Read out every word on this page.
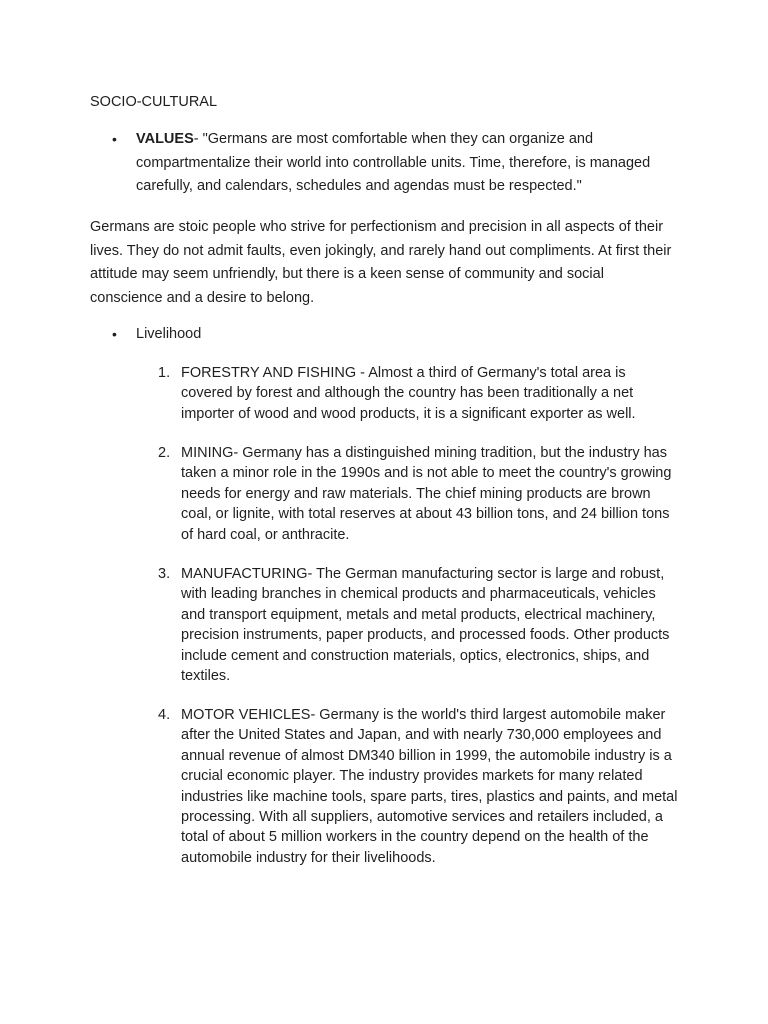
SOCIO-CULTURAL
• VALUES- "Germans are most comfortable when they can organize and compartmentalize their world into controllable units. Time, therefore, is managed carefully, and calendars, schedules and agendas must be respected."

Germans are stoic people who strive for perfectionism and precision in all aspects of their lives. They do not admit faults, even jokingly, and rarely hand out compliments. At first their attitude may seem unfriendly, but there is a keen sense of community and social conscience and a desire to belong.

• Livelihood

1. FORESTRY AND FISHING - Almost a third of Germany's total area is covered by forest and although the country has been traditionally a net importer of wood and wood products, it is a significant exporter as well.

2. MINING- Germany has a distinguished mining tradition, but the industry has taken a minor role in the 1990s and is not able to meet the country's growing needs for energy and raw materials. The chief mining products are brown coal, or lignite, with total reserves at about 43 billion tons, and 24 billion tons of hard coal, or anthracite.

3. MANUFACTURING- The German manufacturing sector is large and robust, with leading branches in chemical products and pharmaceuticals, vehicles and transport equipment, metals and metal products, electrical machinery, precision instruments, paper products, and processed foods. Other products include cement and construction materials, optics, electronics, ships, and textiles.

4. MOTOR VEHICLES- Germany is the world's third largest automobile maker after the United States and Japan, and with nearly 730,000 employees and annual revenue of almost DM340 billion in 1999, the automobile industry is a crucial economic player. The industry provides markets for many related industries like machine tools, spare parts, tires, plastics and paints, and metal processing. With all suppliers, automotive services and retailers included, a total of about 5 million workers in the country depend on the health of the automobile industry for their livelihoods.
